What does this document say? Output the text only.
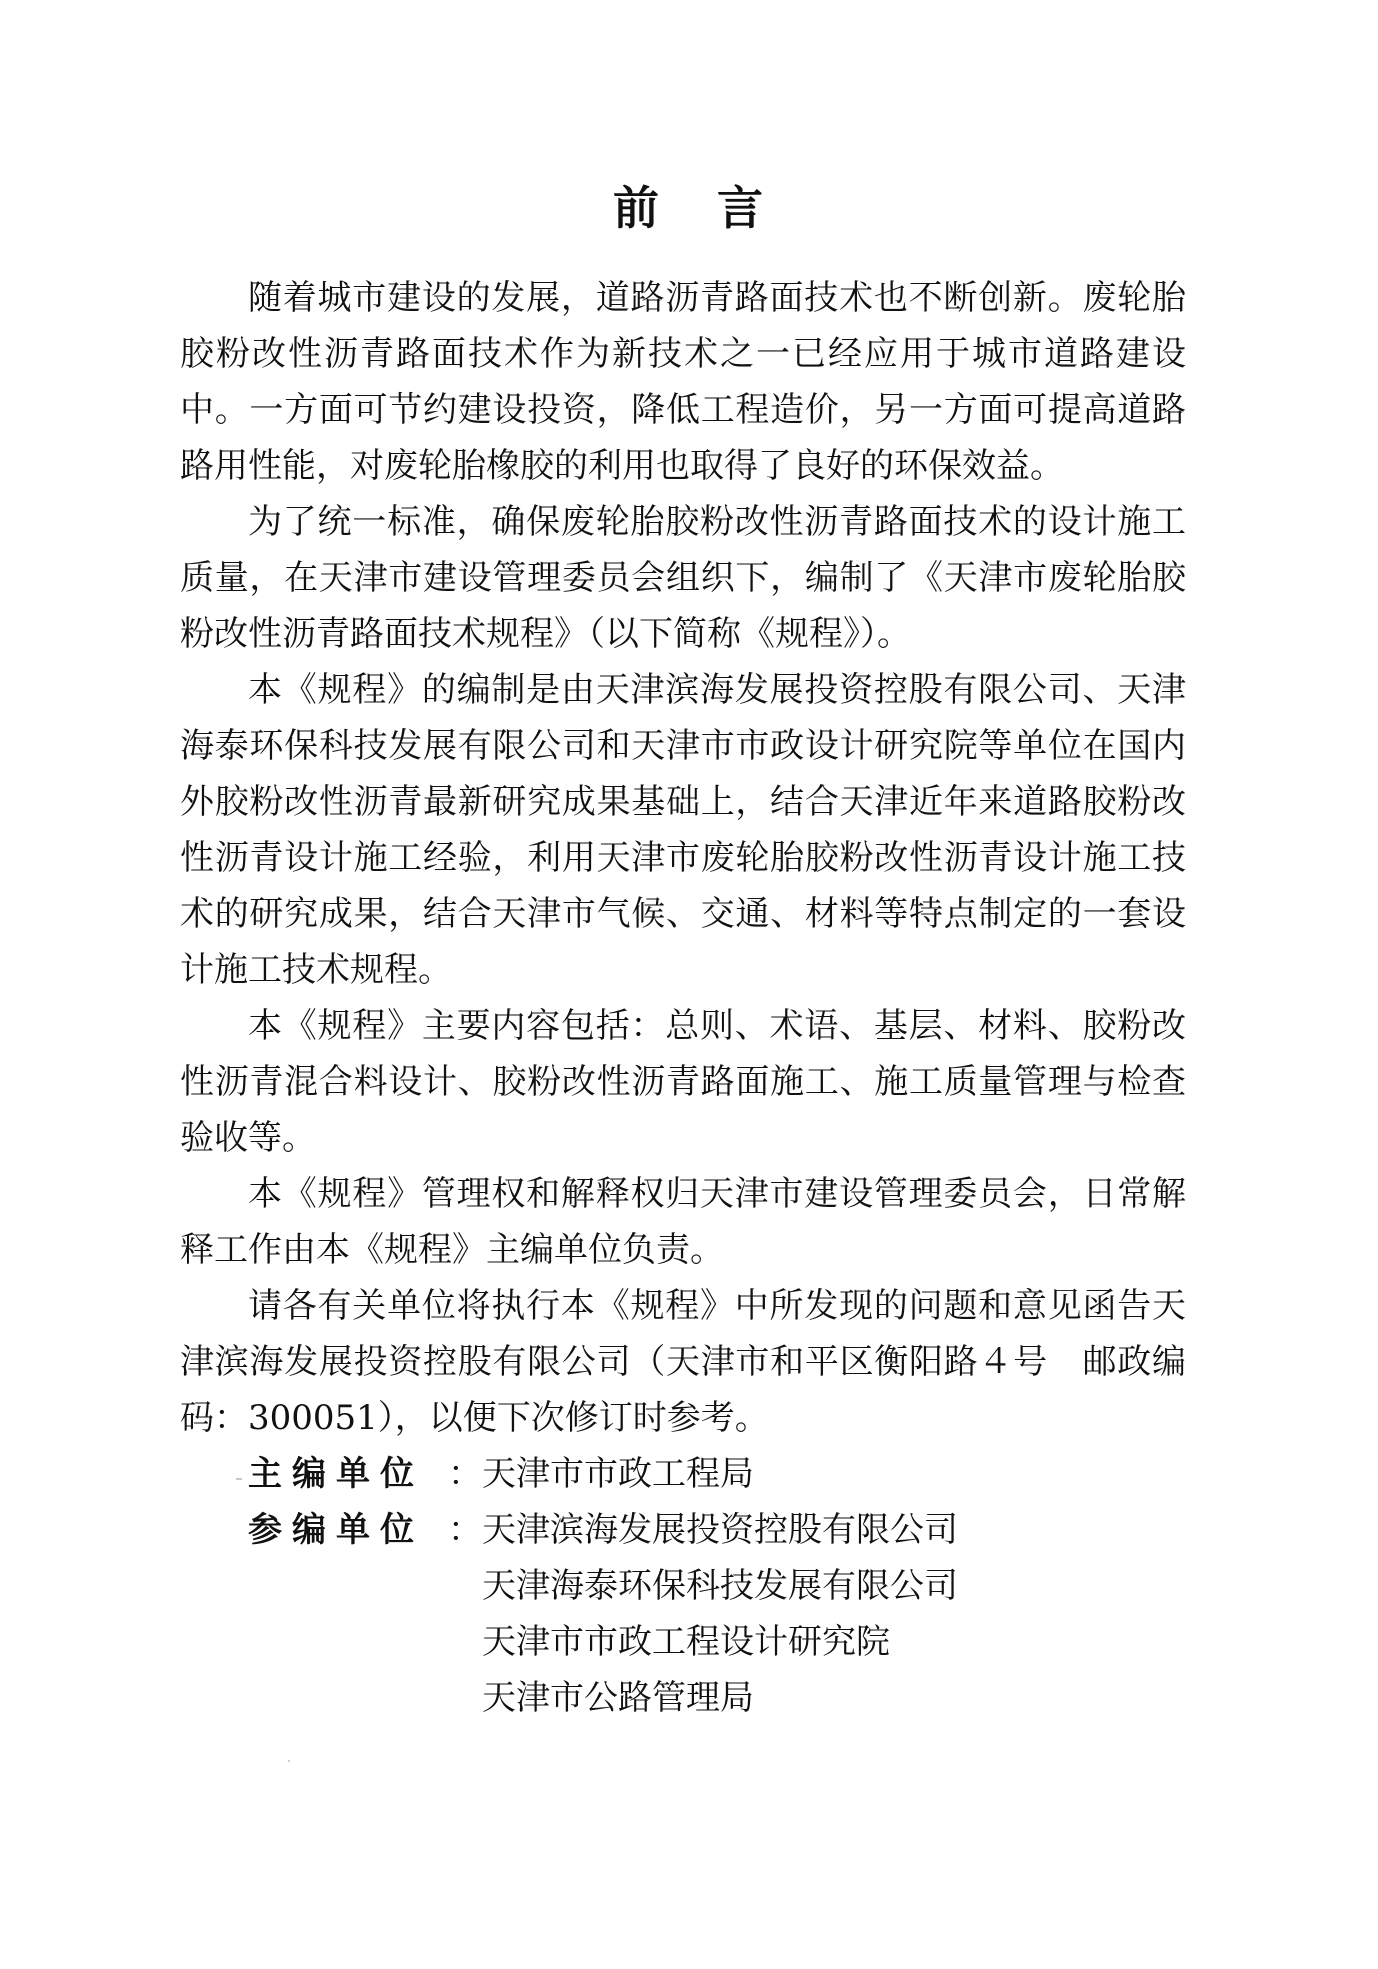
前 言

随着城市建设的发展，道路沥青路面技术也不断创新。废轮胎胶粉改性沥青路面技术作为新技术之一已经应用于城市道路建设中。一方面可节约建设投资，降低工程造价，另一方面可提高道路路用性能，对废轮胎橡胶的利用也取得了良好的环保效益。

为了统一标准，确保废轮胎胶粉改性沥青路面技术的设计施工质量，在天津市建设管理委员会组织下，编制了《天津市废轮胎胶粉改性沥青路面技术规程》（以下简称《规程》）。

本《规程》的编制是由天津滨海发展投资控股有限公司、天津海泰环保科技发展有限公司和天津市市政设计研究院等单位在国内外胶粉改性沥青最新研究成果基础上，结合天津近年来道路胶粉改性沥青设计施工经验，利用天津市废轮胎胶粉改性沥青设计施工技术的研究成果，结合天津市气候、交通、材料等特点制定的一套设计施工技术规程。

本《规程》主要内容包括：总则、术语、基层、材料、胶粉改性沥青混合料设计、胶粉改性沥青路面施工、施工质量管理与检查验收等。

本《规程》管理权和解释权归天津市建设管理委员会，日常解释工作由本《规程》主编单位负责。

请各有关单位将执行本《规程》中所发现的问题和意见函告天津滨海发展投资控股有限公司（天津市和平区衡阳路４号　邮政编码：300051），以便下次修订时参考。

主编单位 ： 天津市市政工程局
参编单位 ： 天津滨海发展投资控股有限公司
天津海泰环保科技发展有限公司
天津市市政工程设计研究院
天津市公路管理局
